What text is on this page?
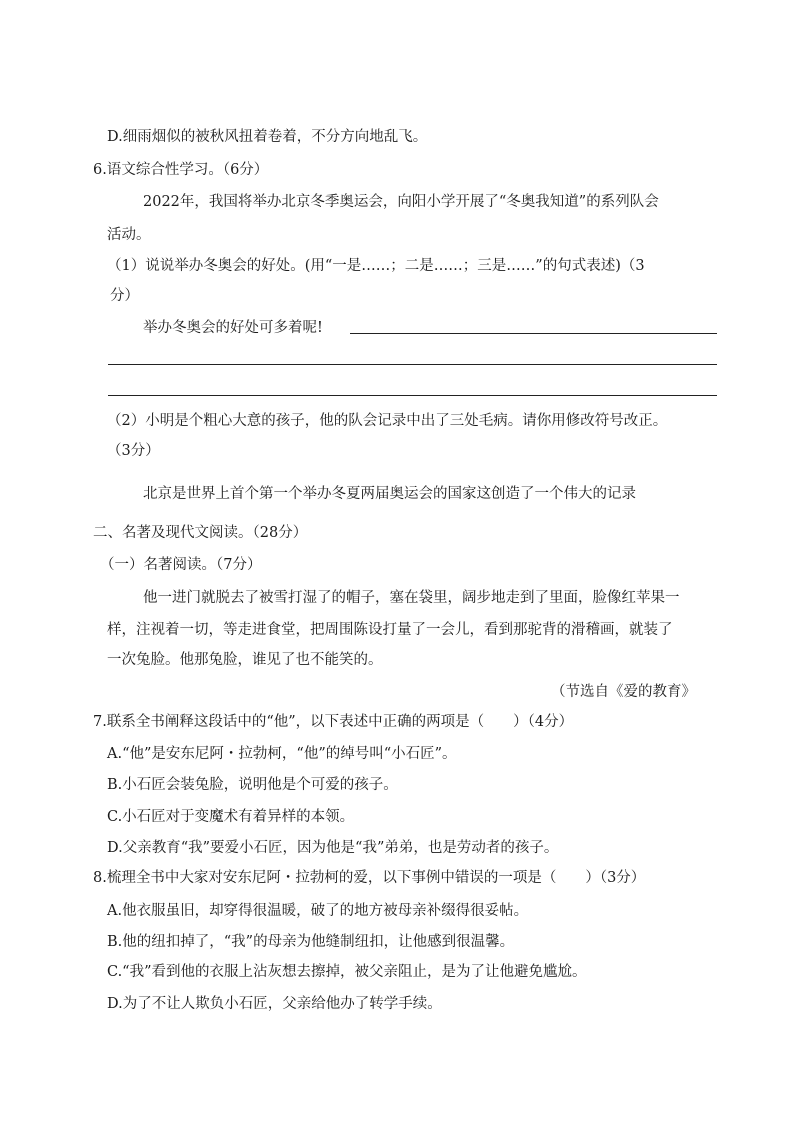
D.细雨烟似的被秋风扭着卷着，不分方向地乱飞。
6.语文综合性学习。（6分）
2022年，我国将举办北京冬季奥运会，向阳小学开展了“冬奥我知道”的系列队会
活动。
（1）说说举办冬奥会的好处。(用“一是……；二是……；三是……”的句式表述)（3
分）
举办冬奥会的好处可多着呢!
（2）小明是个粗心大意的孩子，他的队会记录中出了三处毛病。请你用修改符号改正。
（3分）
北京是世界上首个第一个举办冬夏两届奥运会的国家这创造了一个伟大的记录
二、名著及现代文阅读。（28分）
（一）名著阅读。（7分）
他一进门就脱去了被雪打湿了的帽子，塞在袋里，阔步地走到了里面，脸像红苹果一
样，注视着一切，等走进食堂，把周围陈设打量了一会儿，看到那驼背的滑稽画，就装了
一次兔脸。他那兔脸，谁见了也不能笑的。
（节选自《爱的教育》
7.联系全书阐释这段话中的“他”，以下表述中正确的两项是（　　）（4分）
A.“他”是安东尼阿・拉勃柯，“他”的绰号叫“小石匠”。
B.小石匠会装兔脸，说明他是个可爱的孩子。
C.小石匠对于变魔术有着异样的本领。
D.父亲教育“我”要爱小石匠，因为他是“我”弟弟，也是劳动者的孩子。
8.梳理全书中大家对安东尼阿・拉勃柯的爱，以下事例中错误的一项是（　　）（3分）
A.他衣服虽旧，却穿得很温暖，破了的地方被母亲补缀得很妥帖。
B.他的纽扣掉了，“我”的母亲为他缝制纽扣，让他感到很温馨。
C.“我”看到他的衣服上沾灰想去擦掉，被父亲阻止，是为了让他避免尴尬。
D.为了不让人欺负小石匠，父亲给他办了转学手续。
